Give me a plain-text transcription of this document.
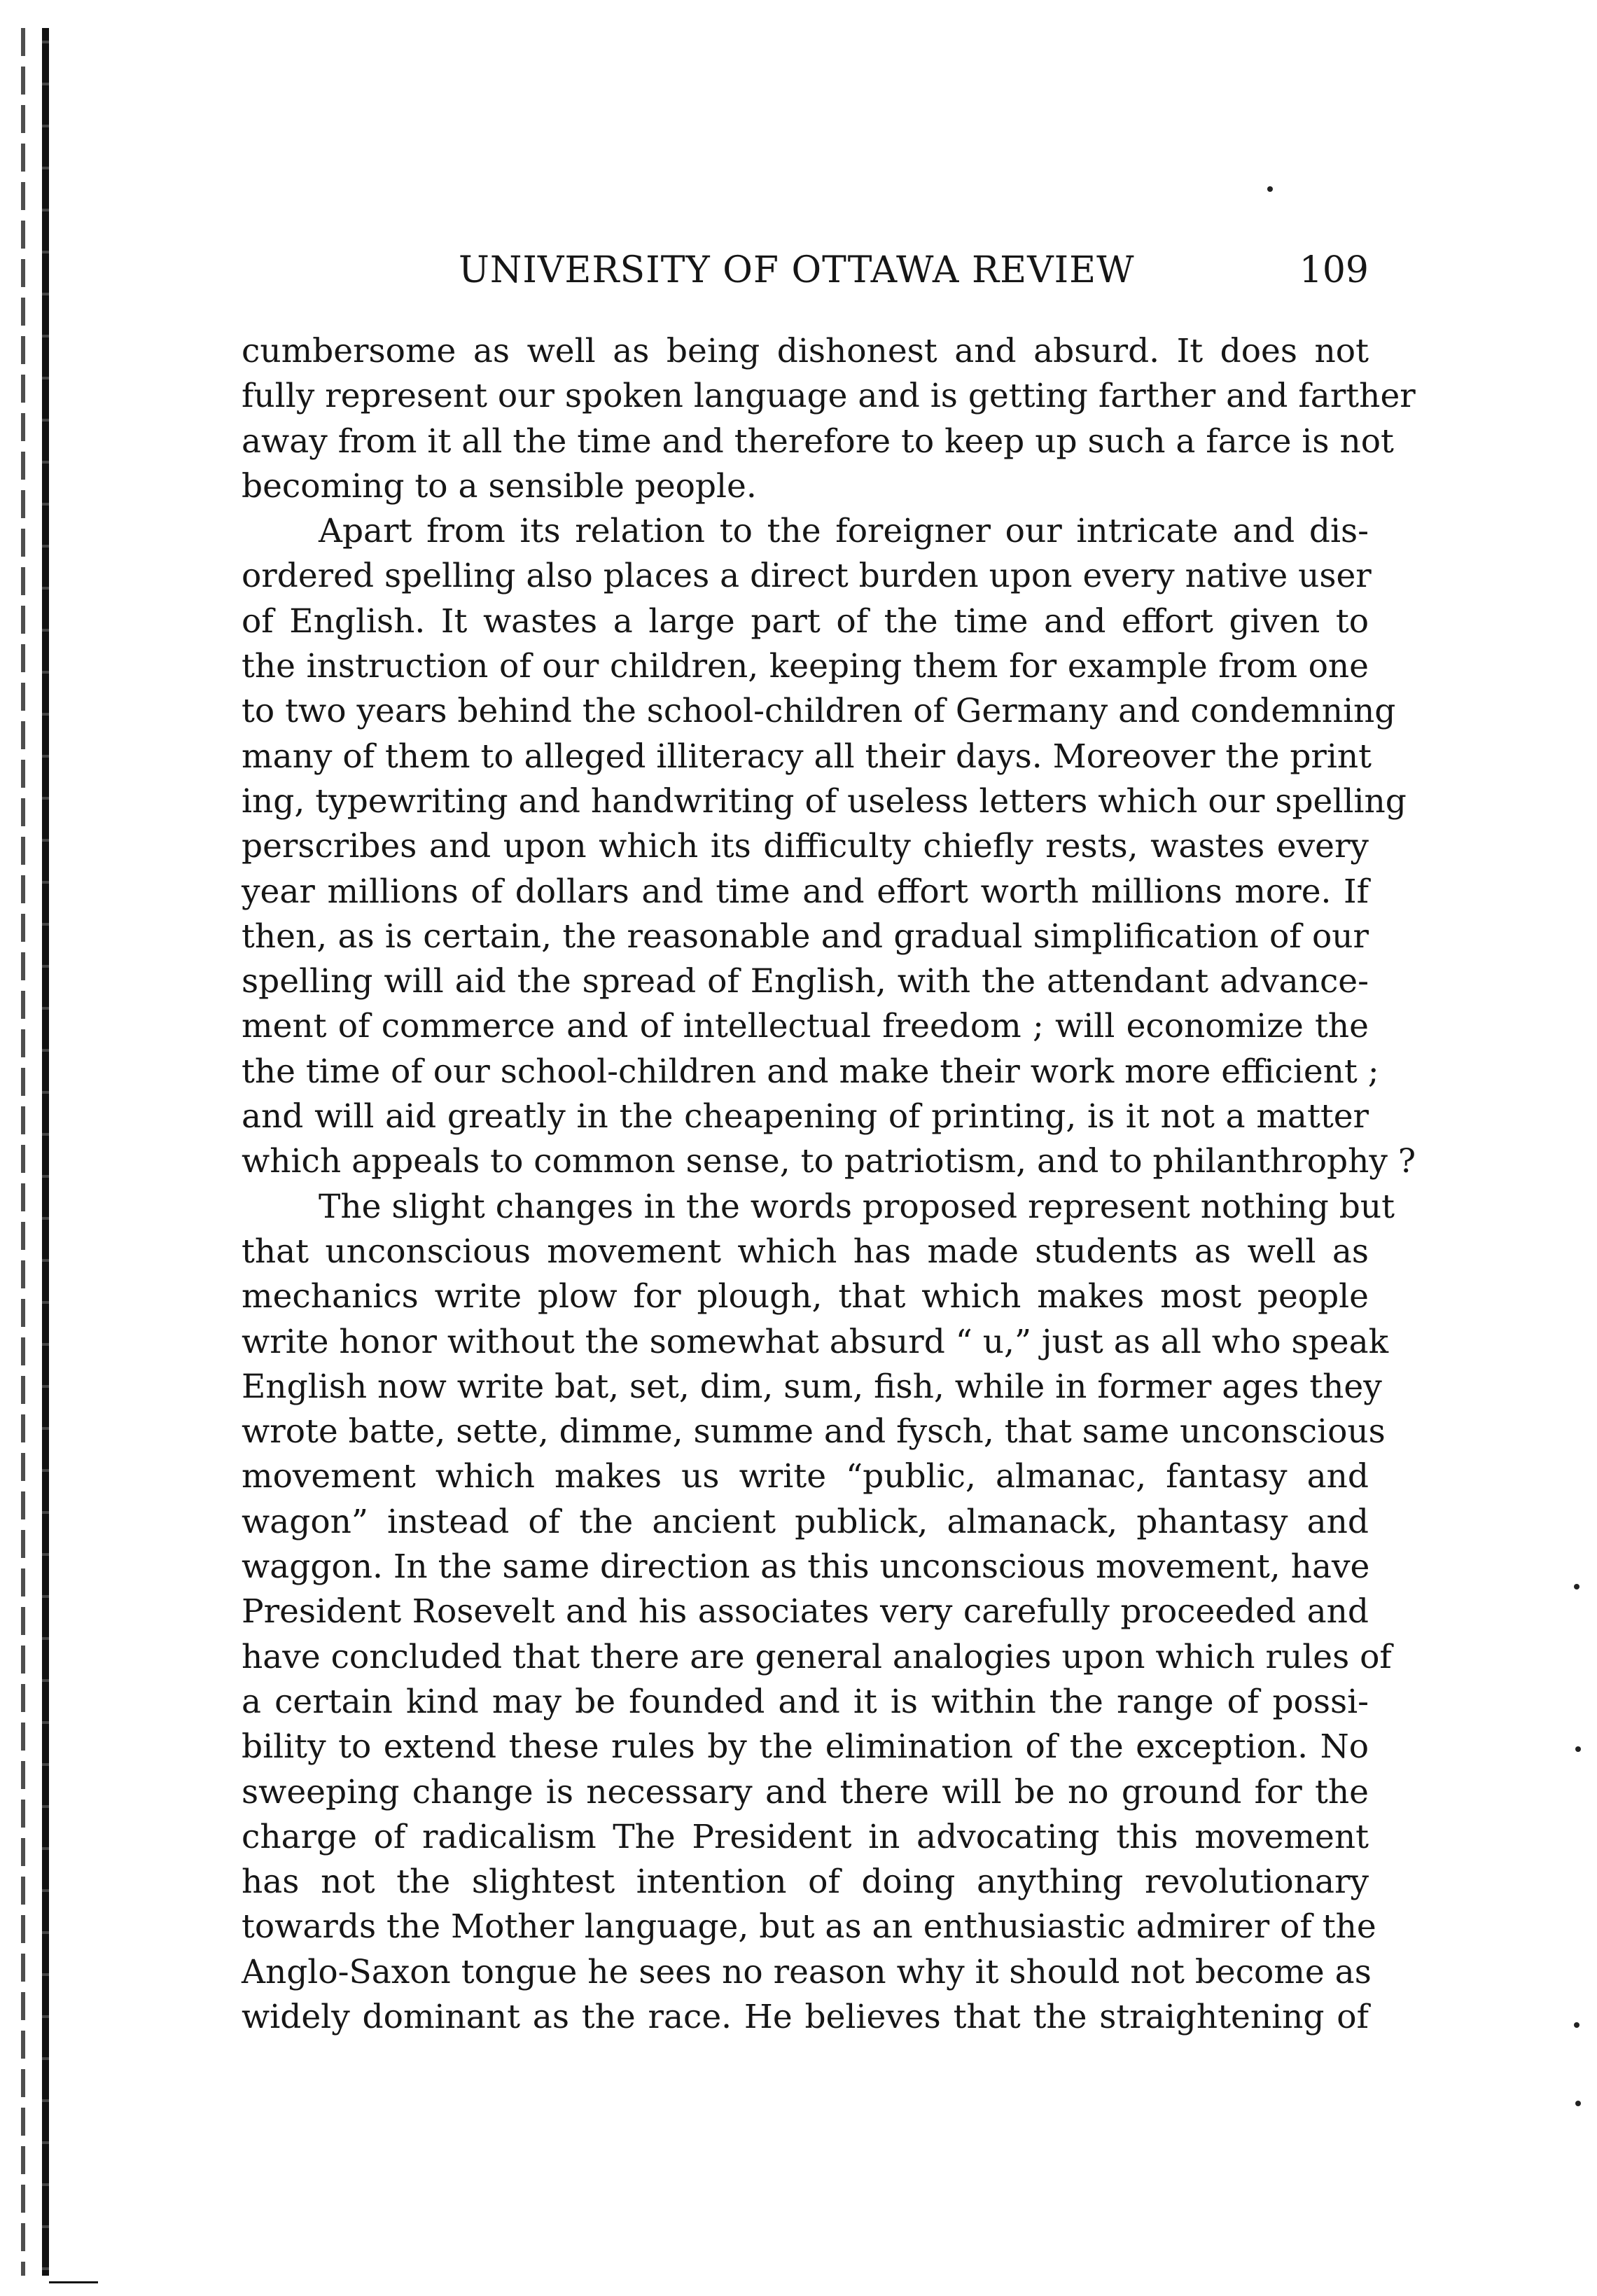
UNIVERSITY OF OTTAWA REVIEW	109
cumbersome as well as being dishonest and absurd. It does not
fully represent our spoken language and is getting farther and farther
away from it all the time and therefore to keep up such a farce is not
becoming to a sensible people.
Apart from its relation to the foreigner our intricate and dis-
ordered spelling also places a direct burden upon every native user
of English. It wastes a large part of the time and effort given to
the instruction of our children, keeping them for example from one
to two years behind the school-children of Germany and condemning
many of them to alleged illiteracy all their days. Moreover the print
ing, typewriting and handwriting of useless letters which our spelling
perscribes and upon which its difficulty chiefly rests, wastes every
year millions of dollars and time and effort worth millions more. If
then, as is certain, the reasonable and gradual simplification of our
spelling will aid the spread of English, with the attendant advance-
ment of commerce and of intellectual freedom ; will economize the
the time of our school-children and make their work more efficient ;
and will aid greatly in the cheapening of printing, is it not a matter
which appeals to common sense, to patriotism, and to philanthrophy ?
The slight changes in the words proposed represent nothing but
that unconscious movement which has made students as well as
mechanics write plow for plough, that which makes most people
write honor without the somewhat absurd “ u,” just as all who speak
English now write bat, set, dim, sum, fish, while in former ages they
wrote batte, sette, dimme, summe and fysch, that same unconscious
movement which makes us write “public, almanac, fantasy and
wagon” instead of the ancient publick, almanack, phantasy and
waggon. In the same direction as this unconscious movement, have
President Rosevelt and his associates very carefully proceeded and
have concluded that there are general analogies upon which rules of
a certain kind may be founded and it is within the range of possi-
bility to extend these rules by the elimination of the exception. No
sweeping change is necessary and there will be no ground for the
charge of radicalism The President in advocating this movement
has not the slightest intention of doing anything revolutionary
towards the Mother language, but as an enthusiastic admirer of the
Anglo-Saxon tongue he sees no reason why it should not become as
widely dominant as the race. He believes that the straightening of
